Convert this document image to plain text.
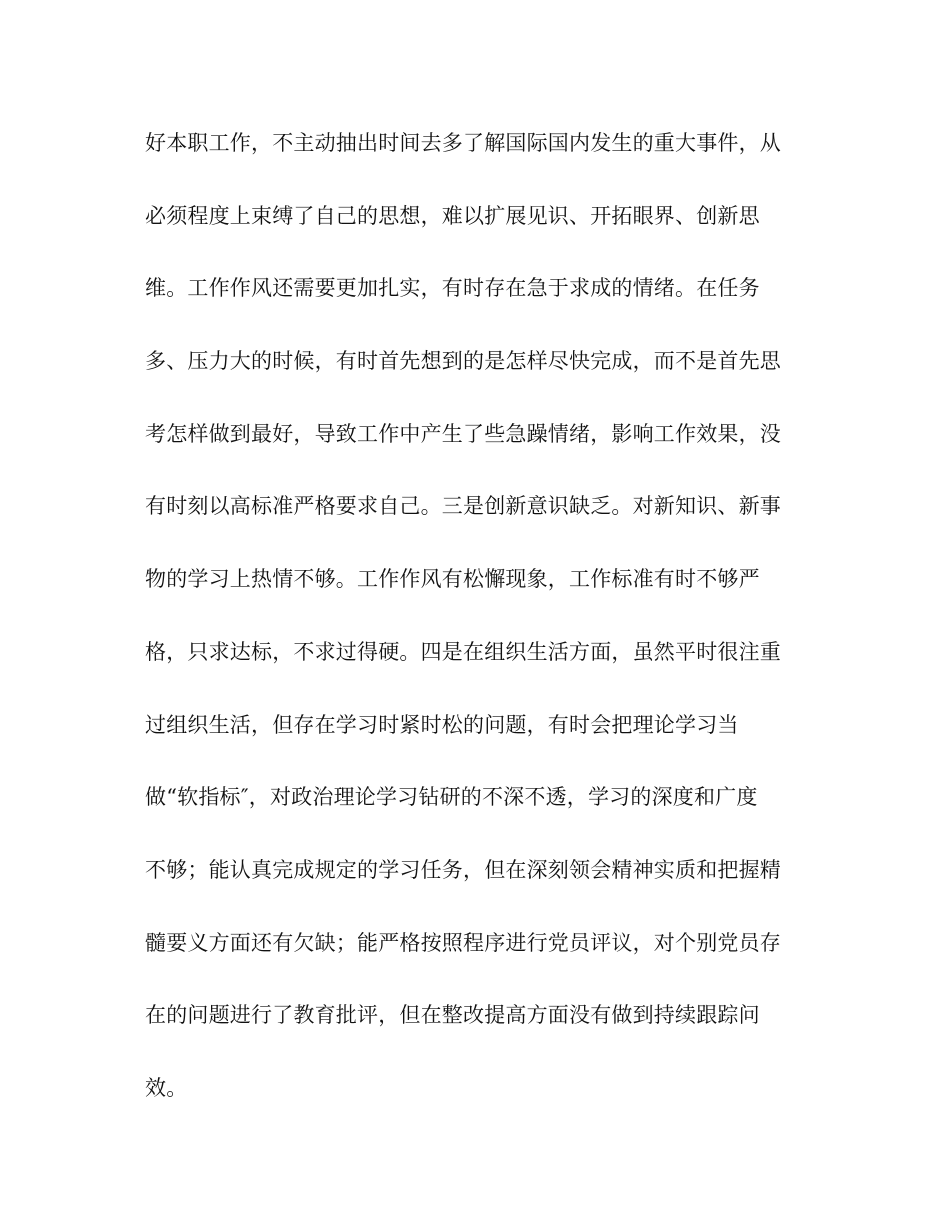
好本职工作，不主动抽出时间去多了解国际国内发生的重大事件，从
必须程度上束缚了自己的思想，难以扩展见识、开拓眼界、创新思
维。工作作风还需要更加扎实，有时存在急于求成的情绪。在任务
多、压力大的时候，有时首先想到的是怎样尽快完成，而不是首先思
考怎样做到最好，导致工作中产生了些急躁情绪，影响工作效果，没
有时刻以高标准严格要求自己。三是创新意识缺乏。对新知识、新事
物的学习上热情不够。工作作风有松懈现象，工作标准有时不够严
格，只求达标，不求过得硬。四是在组织生活方面，虽然平时很注重
过组织生活，但存在学习时紧时松的问题，有时会把理论学习当
做“软指标″，对政治理论学习钻研的不深不透，学习的深度和广度
不够；能认真完成规定的学习任务，但在深刻领会精神实质和把握精
髓要义方面还有欠缺；能严格按照程序进行党员评议，对个别党员存
在的问题进行了教育批评，但在整改提高方面没有做到持续跟踪问
效。
